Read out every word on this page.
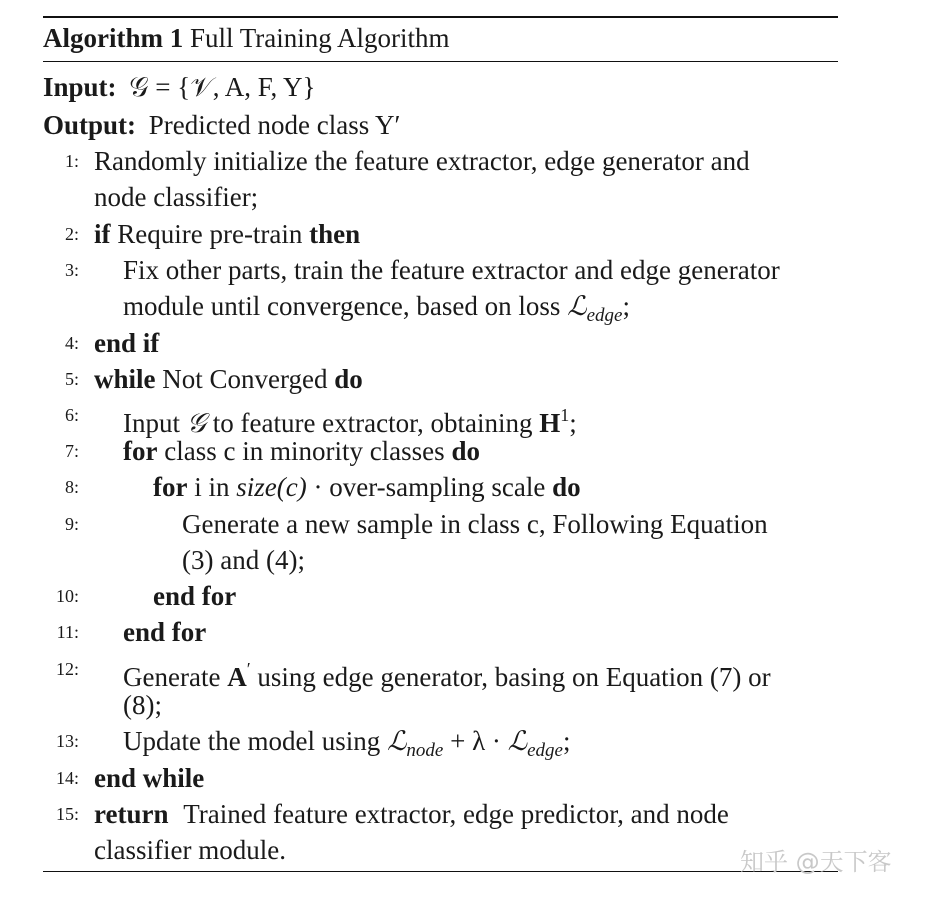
Algorithm 1 Full Training Algorithm
Input: 𝒢 = {𝒱, A, F, Y}
Output: Predicted node class Y′
1: Randomly initialize the feature extractor, edge generator and
node classifier;
2: if Require pre-train then
3: Fix other parts, train the feature extractor and edge generator
module until convergence, based on loss ℒ$_{edge}$;
4: end if
5: while Not Converged do
6: Input 𝒢 to feature extractor, obtaining $H^1$;
7: for class c in minority classes do
8:	for i in size(c) · over-sampling scale do
9:	Generate a new sample in class c, Following Equation
(3) and (4);
10:	end for
11: end for
12: Generate A′ using edge generator, basing on Equation (7) or
(8);
13: Update the model using ℒ$_{node}$ + λ · ℒ$_{edge}$;
14: end while
15: return Trained feature extractor, edge predictor, and node
classifier module.	知乎 @天下客
